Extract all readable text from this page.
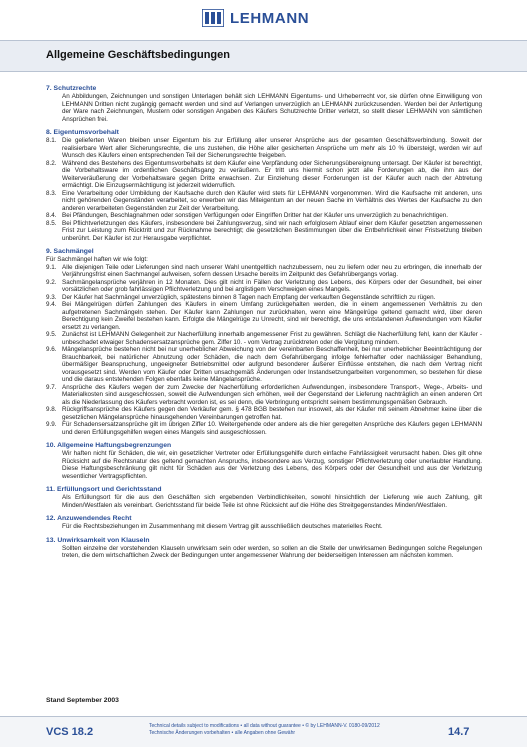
LEHMANN
Allgemeine Geschäftsbedingungen
7. Schutzrechte

An Abbildungen, Zeichnungen und sonstigen Unterlagen behält sich LEHMANN Eigentums- und Urheberrecht vor, sie dürfen ohne Einwilligung von LEHMANN Dritten nicht zugängig gemacht werden und sind auf Verlangen unverzüglich an LEHMANN zurückzusenden. Werden bei der Anfertigung der Ware nach Zeichnungen, Mustern oder sonstigen Angaben des Käufers Schutzrechte Dritter verletzt, so stellt dieser LEHMANN von sämtlichen Ansprüchen frei.

8. Eigentumsvorbehalt
8.1. Die gelieferten Waren bleiben unser Eigentum bis zur Erfüllung aller unserer Ansprüche aus der gesamten Geschäftsverbindung. Soweit der realisierbare Wert aller Sicherungsrechte, die uns zustehen, die Höhe aller gesicherten Ansprüche um mehr als 10 % übersteigt, werden wir auf Wunsch des Käufers einen entsprechenden Teil der Sicherungsrechte freigeben.
8.2. Während des Bestehens des Eigentumsvorbehalts ist dem Käufer eine Verpfändung oder Sicherungsübereignung untersagt. Der Käufer ist berechtigt, die Vorbehaltsware im ordentlichen Geschäftsgang zu veräußern. Er tritt uns hiermit schon jetzt alle Forderungen ab, die ihm aus der Weiterveräußerung der Vorbehaltsware gegen Dritte erwachsen. Zur Einziehung dieser Forderungen ist der Käufer auch nach der Abtretung ermächtigt. Die Einzugsermächtigung ist jederzeit widerruflich.
8.3. Eine Verarbeitung oder Umbildung der Kaufsache durch den Käufer wird stets für LEHMANN vorgenommen. Wird die Kaufsache mit anderen, uns nicht gehörenden Gegenständen verarbeitet, so erwerben wir das Miteigentum an der neuen Sache im Verhältnis des Wertes der Kaufsache zu den anderen verarbeiteten Gegenständen zur Zeit der Verarbeitung.
8.4. Bei Pfändungen, Beschlagnahmen oder sonstigen Verfügungen oder Eingriffen Dritter hat der Käufer uns unverzüglich zu benachrichtigen.
8.5. Bei Pflichtverletzungen des Käufers, insbesondere bei Zahlungsverzug, sind wir nach erfolglosem Ablauf einer dem Käufer gesetzten angemessenen Frist zur Leistung zum Rücktritt und zur Rücknahme berechtigt; die gesetzlichen Bestimmungen über die Entbehrlichkeit einer Fristsetzung bleiben unberührt. Der Käufer ist zur Herausgabe verpflichtet.
9. Sachmängel

Für Sachmängel haften wir wie folgt:

9.1. Alle diejenigen Teile oder Lieferungen sind nach unserer Wahl unentgeltlich nachzubessern, neu zu liefern oder neu zu erbringen, die innerhalb der Verjährungsfrist einen Sachmangel aufweisen, sofern dessen Ursache bereits im Zeitpunkt des Gefahrübergangs vorlag.
9.2. Sachmängelansprüche verjähren in 12 Monaten. Dies gilt nicht in Fällen der Verletzung des Lebens, des Körpers oder der Gesundheit, bei einer vorsätzlichen oder grob fahrlässigen Pflichtverletzung und bei arglistigem Verschweigen eines Mangels.
9.3. Der Käufer hat Sachmängel unverzüglich, spätestens binnen 8 Tagen nach Empfang der verkauften Gegenstände schriftlich zu rügen.
9.4. Bei Mängelrügen dürfen Zahlungen des Käufers in einem Umfang zurückgehalten werden, die in einem angemessenen Verhältnis zu den aufgetretenen Sachmängeln stehen. Der Käufer kann Zahlungen nur zurückhalten, wenn eine Mängelrüge geltend gemacht wird, über deren Berechtigung kein Zweifel bestehen kann. Erfolgte die Mängelrüge zu Unrecht, sind wir berechtigt, die uns entstandenen Aufwendungen vom Käufer ersetzt zu verlangen.
9.5. Zunächst ist LEHMANN Gelegenheit zur Nacherfüllung innerhalb angemessener Frist zu gewähren. Schlägt die Nacherfüllung fehl, kann der Käufer - unbeschadet etwaiger Schadensersatzansprüche gem. Ziffer 10. - vom Vertrag zurücktreten oder die Vergütung mindern.
9.6. Mängelansprüche bestehen nicht bei nur unerheblicher Abweichung von der vereinbarten Beschaffenheit, bei nur unerheblicher Beeinträchtigung der Brauchbarkeit, bei natürlicher Abnutzung oder Schäden, die nach dem Gefahrübergang infolge fehlerhafter oder nachlässiger Behandlung, übermäßiger Beanspruchung, ungeeigneter Betriebsmittel oder aufgrund besonderer äußerer Einflüsse entstehen, die nach dem Vertrag nicht vorausgesetzt sind. Werden vom Käufer oder Dritten unsachgemäß Änderungen oder Instandsetzungarbeiten vorgenommen, so bestehen für diese und die daraus entstehenden Folgen ebenfalls keine Mängelansprüche.
9.7. Ansprüche des Käufers wegen der zum Zwecke der Nacherfüllung erforderlichen Aufwendungen, insbesondere Transport-, Wege-, Arbeits- und Materialkosten sind ausgeschlossen, soweit die Aufwendungen sich erhöhen, weil der Gegenstand der Lieferung nachträglich an einen anderen Ort als die Niederlassung des Käufers verbracht worden ist, es sei denn, die Verbringung entspricht seinem bestimmungsgemäßen Gebrauch.
9.8. Rückgriffsansprüche des Käufers gegen den Verkäufer gem. § 478 BGB bestehen nur insoweit, als der Käufer mit seinem Abnehmer keine über die gesetzlichen Mängelansprüche hinausgehenden Vereinbarungen getroffen hat.
9.9. Für Schadensersatzansprüche gilt im übrigen Ziffer 10. Weitergehende oder andere als die hier geregelten Ansprüche des Käufers gegen LEHMANN und deren Erfüllungsgehilfen wegen eines Mangels sind ausgeschlossen.
10. Allgemeine Haftungsbegrenzungen

Wir haften nicht für Schäden, die wir, ein gesetzlicher Vertreter oder Erfüllungsgehilfe durch einfache Fahrlässigkeit verursacht haben. Dies gilt ohne Rücksicht auf die Rechtsnatur des geltend gemachten Anspruchs, insbesondere aus Verzug, sonstiger Pflichtverletzung oder unerlaubter Handlung. Diese Haftungsbeschränkung gilt nicht für Schäden aus der Verletzung des Lebens, des Körpers oder der Gesundheit und aus der Verletzung wesentlicher Vertragspflichten.

11. Erfüllungsort und Gerichtsstand

Als Erfüllungsort für die aus den Geschäften sich ergebenden Verbindlichkeiten, sowohl hinsichtlich der Lieferung wie auch Zahlung, gilt Minden/Westfalen als vereinbart. Gerichtsstand für beide Teile ist ohne Rücksicht auf die Höhe des Streitgegenstandes Minden/Westfalen.

12. Anzuwendendes Recht

Für die Rechtsbeziehungen im Zusammenhang mit diesem Vertrag gilt ausschließlich deutsches materielles Recht.

13. Unwirksamkeit von Klauseln

Sollten einzelne der vorstehenden Klauseln unwirksam sein oder werden, so sollen an die Stelle der unwirksamen Bedingungen solche Regelungen treten, die dem wirtschaftlichen Zweck der Bedingungen unter angemessener Wahrung der beiderseitigen Interessen am nächsten kommen.

Stand September 2003
VCS 18.2	Technical details subject to modifications • all data without guarantee • © by LEHMANN-V. 0180-09/2012
Technische Änderungen vorbehalten • alle Angaben ohne Gewähr	14.7
